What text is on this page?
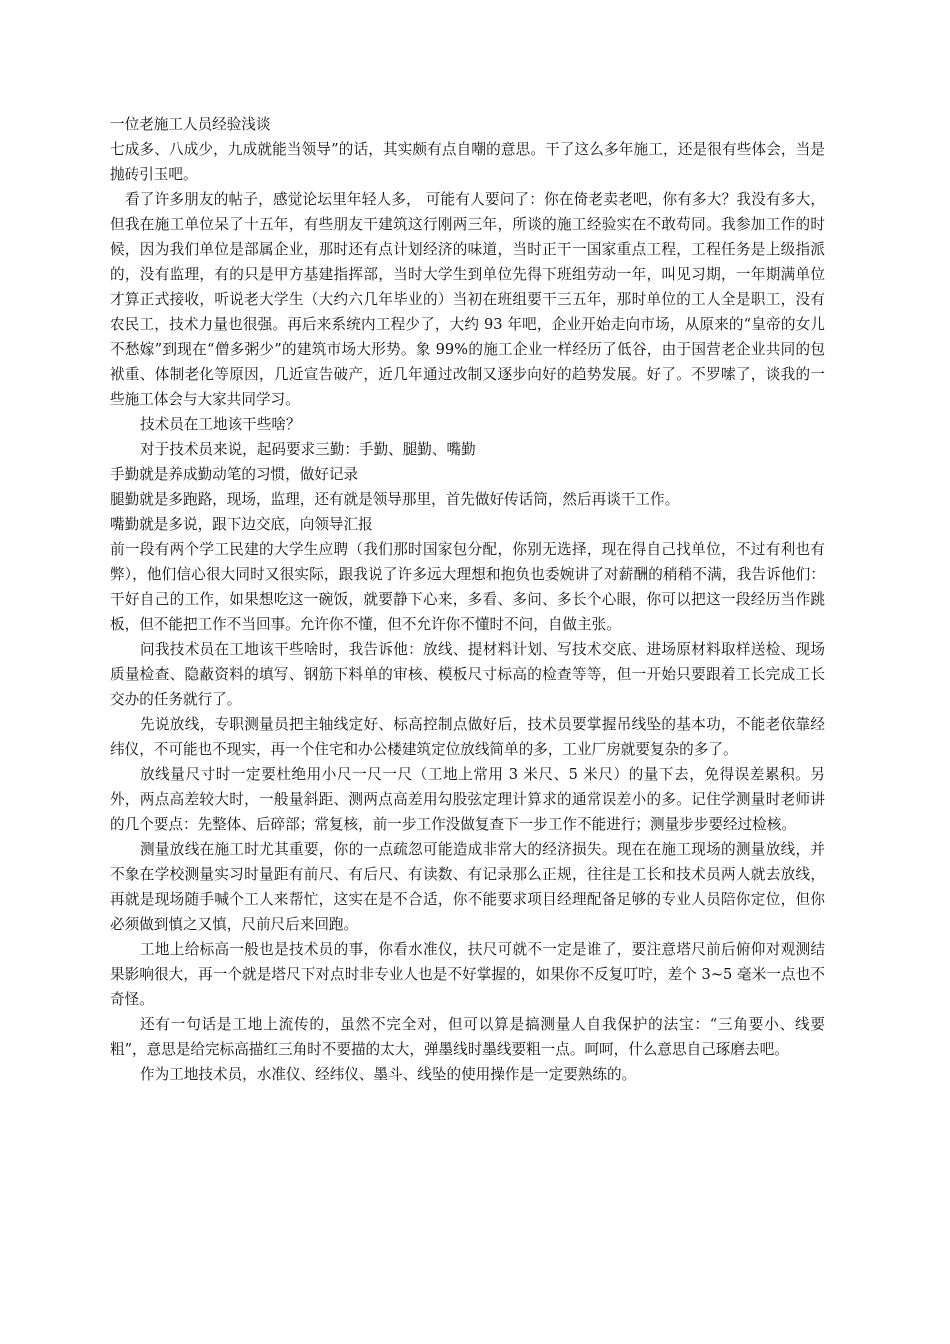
一位老施工人员经验浅谈

七成多、八成少，九成就能当领导”的话，其实颇有点自嘲的意思。干了这么多年施工，还是很有些体会，当是抛砖引玉吧。

看了许多朋友的帖子，感觉论坛里年轻人多， 可能有人要问了：你在倚老卖老吧，你有多大？我没有多大，但我在施工单位呆了十五年，有些朋友干建筑这行刚两三年，所谈的施工经验实在不敢苟同。我参加工作的时候，因为我们单位是部属企业，那时还有点计划经济的味道，当时正干一国家重点工程，工程任务是上级指派的，没有监理，有的只是甲方基建指挥部，当时大学生到单位先得下班组劳动一年，叫见习期，一年期满单位才算正式接收，听说老大学生（大约六几年毕业的）当初在班组要干三五年，那时单位的工人全是职工，没有农民工，技术力量也很强。再后来系统内工程少了，大约 93 年吧，企业开始走向市场，从原来的“皇帝的女儿不愁嫁”到现在“僧多粥少”的建筑市场大形势。象 99%的施工企业一样经历了低谷，由于国营老企业共同的包袱重、体制老化等原因，几近宣告破产，近几年通过改制又逐步向好的趋势发展。好了。不罗嗦了，谈我的一些施工体会与大家共同学习。

技术员在工地该干些啥？

对于技术员来说，起码要求三勤：手勤、腿勤、嘴勤

手勤就是养成勤动笔的习惯，做好记录

腿勤就是多跑路，现场，监理，还有就是领导那里，首先做好传话筒，然后再谈干工作。

嘴勤就是多说，跟下边交底，向领导汇报

前一段有两个学工民建的大学生应聘（我们那时国家包分配，你别无选择，现在得自己找单位，不过有利也有弊），他们信心很大同时又很实际，跟我说了许多远大理想和抱负也委婉讲了对薪酬的稍稍不满，我告诉他们：干好自己的工作，如果想吃这一碗饭，就要静下心来，多看、多问、多长个心眼，你可以把这一段经历当作跳板，但不能把工作不当回事。允许你不懂，但不允许你不懂时不问，自做主张。

问我技术员在工地该干些啥时，我告诉他：放线、提材料计划、写技术交底、进场原材料取样送检、现场质量检查、隐蔽资料的填写、钢筋下料单的审核、模板尺寸标高的检查等等，但一开始只要跟着工长完成工长交办的任务就行了。

先说放线，专职测量员把主轴线定好、标高控制点做好后，技术员要掌握吊线坠的基本功，不能老依靠经纬仪，不可能也不现实，再一个住宅和办公楼建筑定位放线简单的多，工业厂房就要复杂的多了。

放线量尺寸时一定要杜绝用小尺一尺一尺（工地上常用 3 米尺、5 米尺）的量下去，免得误差累积。另外，两点高差较大时，一般量斜距、测两点高差用勾股弦定理计算求的通常误差小的多。记住学测量时老师讲的几个要点：先整体、后碎部；常复核，前一步工作没做复查下一步工作不能进行；测量步步要经过检核。

测量放线在施工时尤其重要，你的一点疏忽可能造成非常大的经济损失。现在在施工现场的测量放线，并不象在学校测量实习时量距有前尺、有后尺、有读数、有记录那么正规，往往是工长和技术员两人就去放线，再就是现场随手喊个工人来帮忙，这实在是不合适，你不能要求项目经理配备足够的专业人员陪你定位，但你必须做到慎之又慎，尺前尺后来回跑。

工地上给标高一般也是技术员的事，你看水准仪，扶尺可就不一定是谁了，要注意塔尺前后俯仰对观测结果影响很大，再一个就是塔尺下对点时非专业人也是不好掌握的，如果你不反复叮咛，差个 3~5 毫米一点也不奇怪。

还有一句话是工地上流传的，虽然不完全对，但可以算是搞测量人自我保护的法宝：“三角要小、线要粗”，意思是给完标高描红三角时不要描的太大，弹墨线时墨线要粗一点。呵呵，什么意思自己琢磨去吧。

作为工地技术员，水准仪、经纬仪、墨斗、线坠的使用操作是一定要熟练的。
